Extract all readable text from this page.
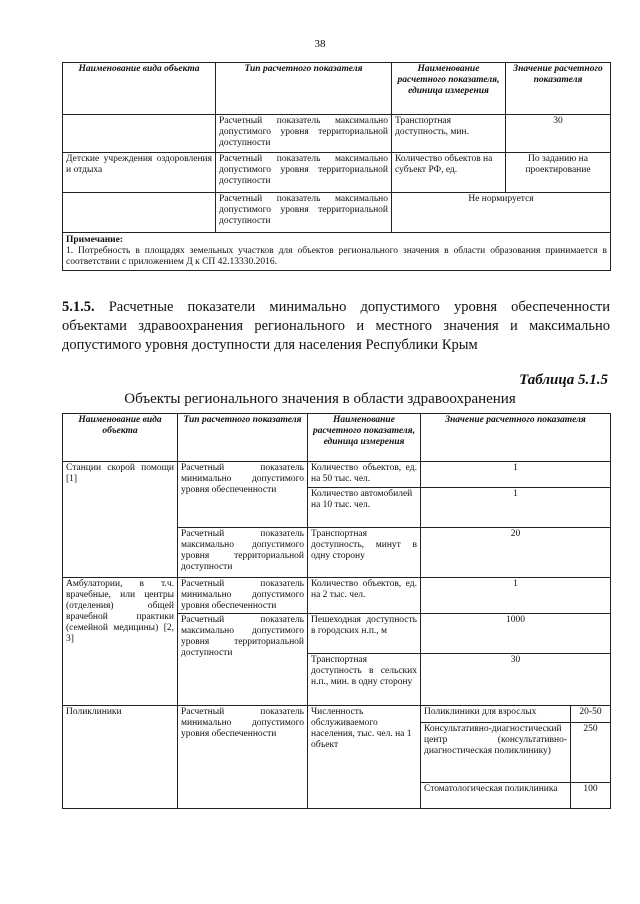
38
Наименование вида объекта	Тип расчетного показателя	Наименование расчетного показателя, единица измерения	Значение расчетного показателя
	Расчетный показатель максимально допустимого уровня территориальной доступности	Транспортная доступность, мин.	30
Детские учреждения оздоровления и отдыха	Расчетный показатель максимально допустимого уровня территориальной доступности	Количество объектов на субъект РФ, ед.	По заданию на проектирование
	Расчетный показатель максимально допустимого уровня территориальной доступности	Не нормируется	
Примечание:
1. Потребность в площадях земельных участков для объектов регионального значения в области образования принимается в соответствии с приложением Д к СП 42.13330.2016.			
5.1.5. Расчетные показатели минимально допустимого уровня обеспеченности объектами здравоохранения регионального и местного значения и максимально допустимого уровня доступности для населения Республики Крым
Таблица 5.1.5
Объекты регионального значения в области здравоохранения
Наименование вида объекта	Тип расчетного показателя	Наименование расчетного показателя, единица измерения	Значение расчетного показателя	
Станции скорой помощи [1]	Расчетный показатель минимально допустимого уровня обеспеченности	Количество объектов, ед. на 50 тыс. чел.	1	
		Количество автомобилей на 10 тыс. чел.	1	
	Расчетный показатель максимально допустимого уровня территориальной доступности	Транспортная доступность, минут в одну сторону	20	
Амбулатории, в т.ч. врачебные, или центры (отделения) общей врачебной практики (семейной медицины) [2, 3]	Расчетный показатель минимально допустимого уровня обеспеченности	Количество объектов, ед. на 2 тыс. чел.	1	
	Расчетный показатель максимально допустимого уровня территориальной доступности	Пешеходная доступность в городских н.п., м	1000	
		Транспортная доступность в сельских н.п., мин. в одну сторону	30	
Поликлиники	Расчетный показатель минимально допустимого уровня обеспеченности	Численность обслуживаемого населения, тыс. чел. на 1 объект	Поликлиники для взрослых	20-50
			Консультативно-диагностический центр (консультативно-диагностическая поликлинику)	250
			Стоматологическая поликлиника	100
